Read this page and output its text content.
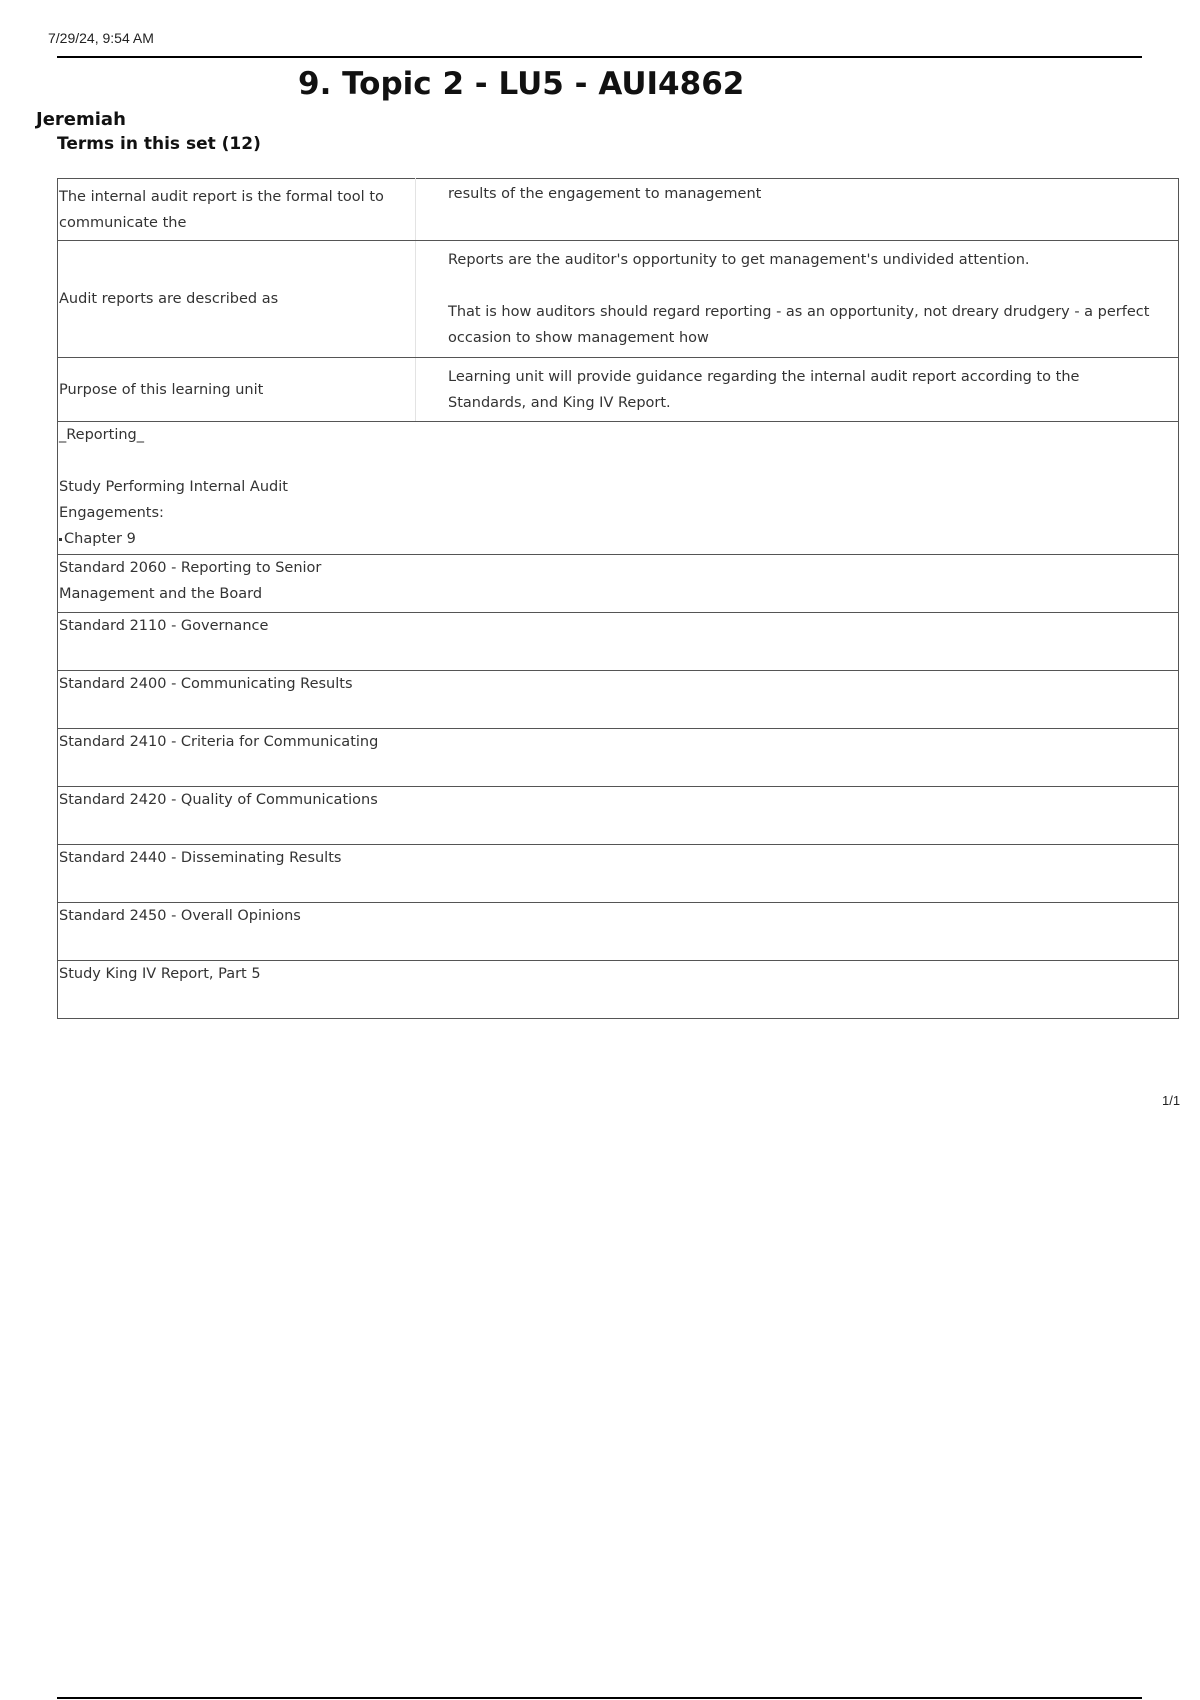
7/29/24, 9:54 AM
9. Topic 2 - LU5 - AUI4862
Jeremiah
Terms in this set (12)
The internal audit report is the formal tool to communicate the	results of the engagement to management

Audit reports are described as	Reports are the auditor's opportunity to get management's undivided attention.
That is how auditors should regard reporting - as an opportunity, not dreary drudgery - a perfect occasion to show management how

Purpose of this learning unit	Learning unit will provide guidance regarding the internal audit report according to the Standards, and King IV Report.

_Reporting_
Study Performing Internal Audit
Engagements:
Chapter 9	

Standard 2060 - Reporting to Senior Management and the Board	
Standard 2110 - Governance	
Standard 2400 - Communicating Results	
Standard 2410 - Criteria for Communicating	
Standard 2420 - Quality of Communications	
Standard 2440 - Disseminating Results	
Standard 2450 - Overall Opinions	
Study King IV Report, Part 5	
1/1
